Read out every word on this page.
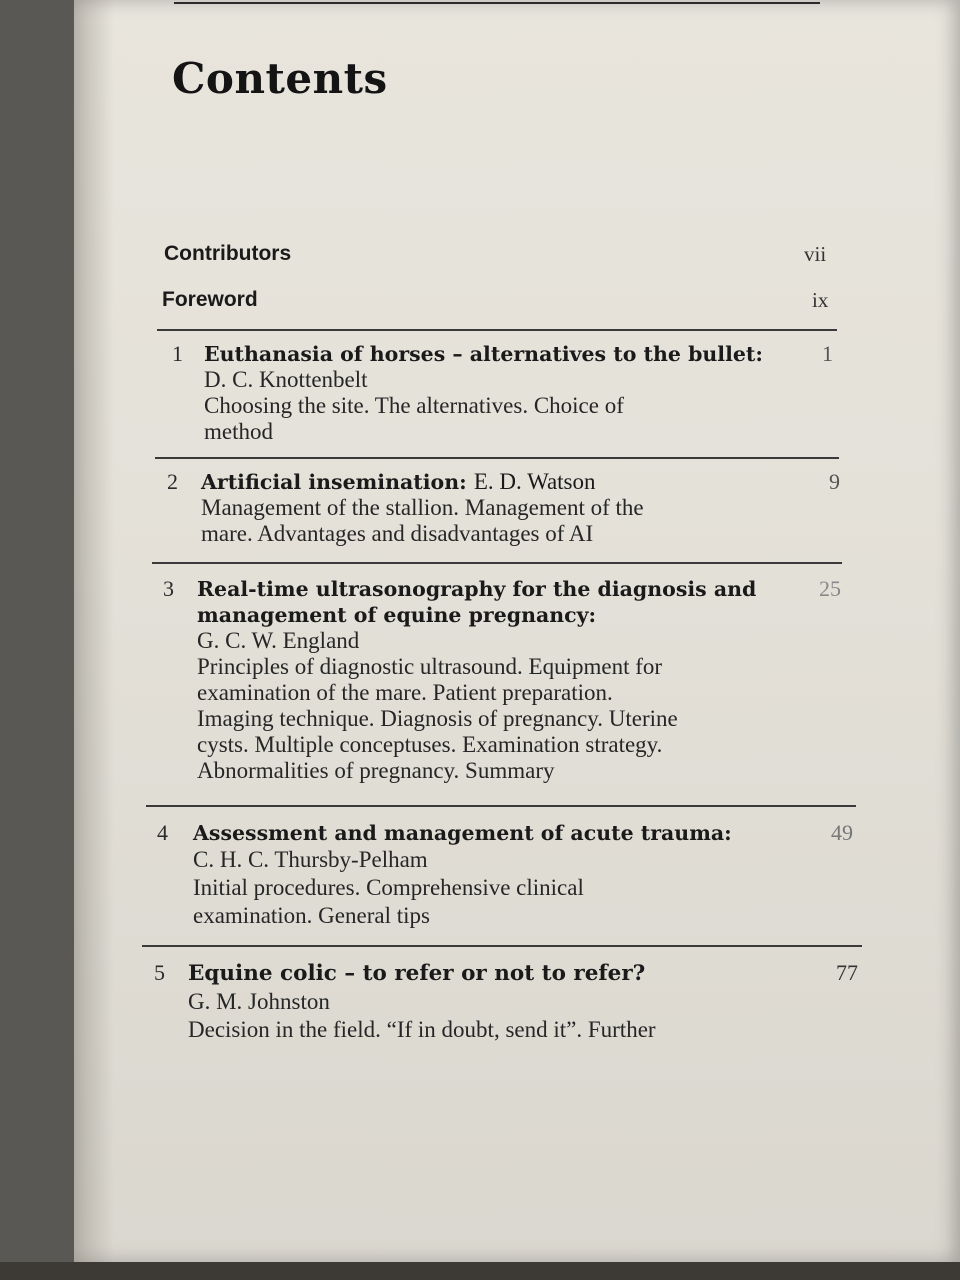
Contents
Contributors	vii
Foreword	ix
1 Euthanasia of horses – alternatives to the bullet:
D. C. Knottenbelt
Choosing the site. The alternatives. Choice of
method
1
2 Artificial insemination: E. D. Watson
Management of the stallion. Management of the
mare. Advantages and disadvantages of AI
9
3 Real-time ultrasonography for the diagnosis and
management of equine pregnancy:
G. C. W. England
Principles of diagnostic ultrasound. Equipment for
examination of the mare. Patient preparation.
Imaging technique. Diagnosis of pregnancy. Uterine
cysts. Multiple conceptuses. Examination strategy.
Abnormalities of pregnancy. Summary
25
4 Assessment and management of acute trauma:
C. H. C. Thursby-Pelham
Initial procedures. Comprehensive clinical
examination. General tips
49
5 Equine colic – to refer or not to refer?
G. M. Johnston
Decision in the field. “If in doubt, send it”. Further
77
